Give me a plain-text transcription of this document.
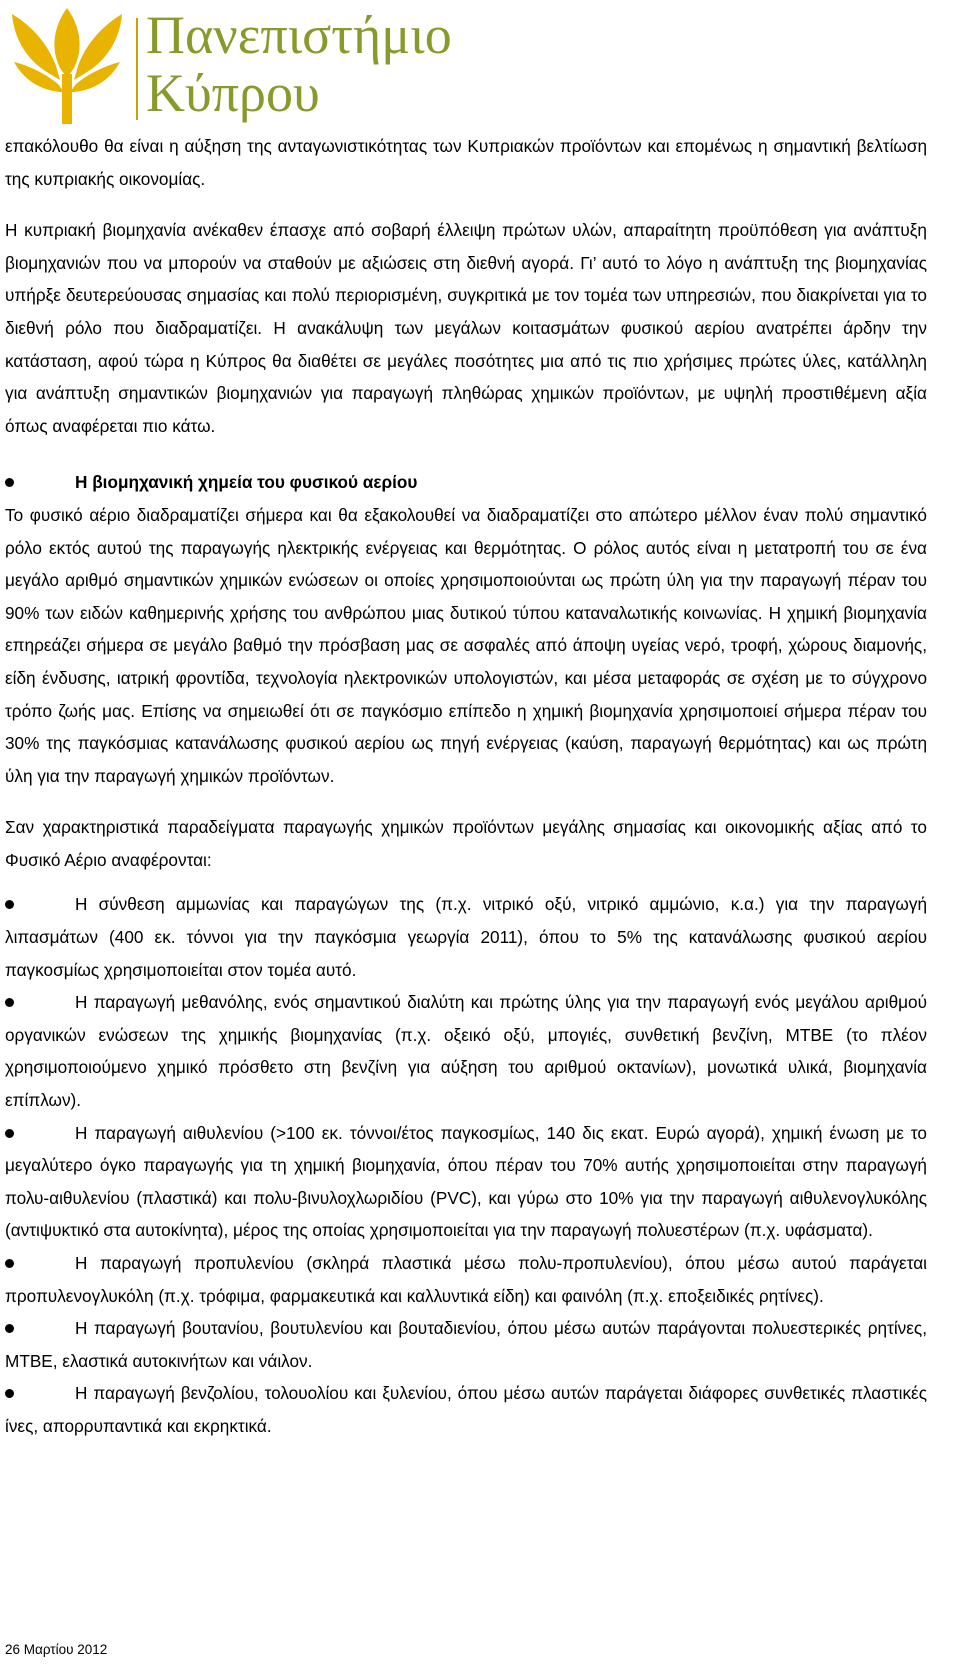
Πανεπιστήμιο
Κύπρου

επακόλουθο θα είναι η αύξηση της ανταγωνιστικότητας των Κυπριακών προϊόντων και επομένως η σημαντική βελτίωση της κυπριακής οικονομίας.

Η κυπριακή βιομηχανία ανέκαθεν έπασχε από σοβαρή έλλειψη πρώτων υλών, απαραίτητη προϋπόθεση για ανάπτυξη βιομηχανιών που να μπορούν να σταθούν με αξιώσεις στη διεθνή αγορά. Γι’ αυτό το λόγο η ανάπτυξη της βιομηχανίας υπήρξε δευτερεύουσας σημασίας και πολύ περιορισμένη, συγκριτικά με τον τομέα των υπηρεσιών, που διακρίνεται για το διεθνή ρόλο που διαδραματίζει. Η ανακάλυψη των μεγάλων κοιτασμάτων φυσικού αερίου ανατρέπει άρδην την κατάσταση, αφού τώρα η Κύπρος θα διαθέτει σε μεγάλες ποσότητες μια από τις πιο χρήσιμες πρώτες ύλες, κατάλληλη για ανάπτυξη σημαντικών βιομηχανιών για παραγωγή πληθώρας χημικών προϊόντων, με υψηλή προστιθέμενη αξία όπως αναφέρεται πιο κάτω.

Η βιομηχανική χημεία του φυσικού αερίου

Το φυσικό αέριο διαδραματίζει σήμερα και θα εξακολουθεί να διαδραματίζει στο απώτερο μέλλον έναν πολύ σημαντικό ρόλο εκτός αυτού της παραγωγής ηλεκτρικής ενέργειας και θερμότητας. Ο ρόλος αυτός είναι η μετατροπή του σε ένα μεγάλο αριθμό σημαντικών χημικών ενώσεων οι οποίες χρησιμοποιούνται ως πρώτη ύλη για την παραγωγή πέραν του 90% των ειδών καθημερινής χρήσης του ανθρώπου μιας δυτικού τύπου καταναλωτικής κοινωνίας. Η χημική βιομηχανία επηρεάζει σήμερα σε μεγάλο βαθμό την πρόσβαση μας σε ασφαλές από άποψη υγείας νερό, τροφή, χώρους διαμονής, είδη ένδυσης, ιατρική φροντίδα, τεχνολογία ηλεκτρονικών υπολογιστών, και μέσα μεταφοράς σε σχέση με το σύγχρονο τρόπο ζωής μας. Επίσης να σημειωθεί ότι σε παγκόσμιο επίπεδο η χημική βιομηχανία χρησιμοποιεί σήμερα πέραν του 30% της παγκόσμιας κατανάλωσης φυσικού αερίου ως πηγή ενέργειας (καύση, παραγωγή θερμότητας) και ως πρώτη ύλη για την παραγωγή χημικών προϊόντων.

Σαν χαρακτηριστικά παραδείγματα παραγωγής χημικών προϊόντων μεγάλης σημασίας και οικονομικής αξίας από το Φυσικό Αέριο αναφέρονται:

Η σύνθεση αμμωνίας και παραγώγων της (π.χ. νιτρικό οξύ, νιτρικό αμμώνιο, κ.α.) για την παραγωγή λιπασμάτων (400 εκ. τόννοι για την παγκόσμια γεωργία 2011), όπου το 5% της κατανάλωσης φυσικού αερίου παγκοσμίως χρησιμοποιείται στον τομέα αυτό.

Η παραγωγή μεθανόλης, ενός σημαντικού διαλύτη και πρώτης ύλης για την παραγωγή ενός μεγάλου αριθμού οργανικών ενώσεων της χημικής βιομηχανίας (π.χ. οξεικό οξύ, μπογιές, συνθετική βενζίνη, MTBE (το πλέον χρησιμοποιούμενο χημικό πρόσθετο στη βενζίνη για αύξηση του αριθμού οκτανίων), μονωτικά υλικά, βιομηχανία επίπλων).

Η παραγωγή αιθυλενίου (>100 εκ. τόννοι/έτος παγκοσμίως, 140 δις εκατ. Ευρώ αγορά), χημική ένωση με το μεγαλύτερο όγκο παραγωγής για τη χημική βιομηχανία, όπου πέραν του 70% αυτής χρησιμοποιείται στην παραγωγή πολυ-αιθυλενίου (πλαστικά) και πολυ-βινυλοχλωριδίου (PVC), και γύρω στο 10% για την παραγωγή αιθυλενογλυκόλης (αντιψυκτικό στα αυτοκίνητα), μέρος της οποίας χρησιμοποιείται για την παραγωγή πολυεστέρων (π.χ. υφάσματα).

Η παραγωγή προπυλενίου (σκληρά πλαστικά μέσω πολυ-προπυλενίου), όπου μέσω αυτού παράγεται προπυλενογλυκόλη (π.χ. τρόφιμα, φαρμακευτικά και καλλυντικά είδη) και φαινόλη (π.χ. εποξειδικές ρητίνες).

Η παραγωγή βουτανίου, βουτυλενίου και βουταδιενίου, όπου μέσω αυτών παράγονται πολυεστερικές ρητίνες, MTBE, ελαστικά αυτοκινήτων και νάιλον.

Η παραγωγή βενζολίου, τολουολίου και ξυλενίου, όπου μέσω αυτών παράγεται διάφορες συνθετικές πλαστικές ίνες, απορρυπαντικά και εκρηκτικά.

26 Μαρτίου 2012
